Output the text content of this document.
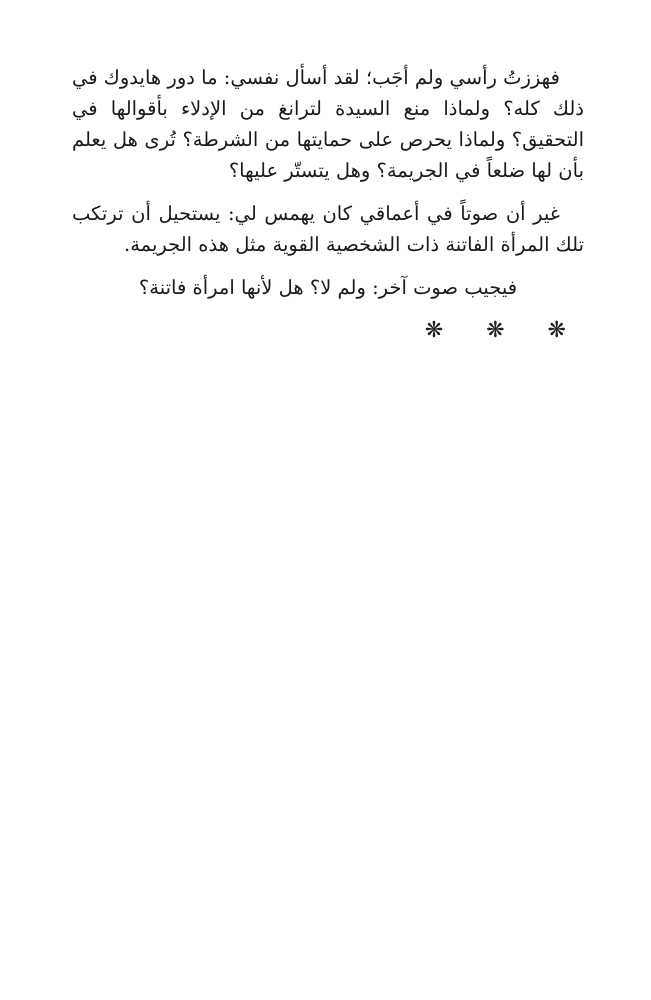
فهززتُ رأسي ولم أجَب؛ لقد أسأل نفسي: ما دور هايدوك في ذلك كله؟ ولماذا منع السيدة لترانغ من الإدلاء بأقوالها في التحقيق؟ ولماذا يحرص على حمايتها من الشرطة؟ تُرى هل يعلم بأن لها ضلعاً في الجريمة؟ وهل يتستّر عليها؟

غير أن صوتاً في أعماقي كان يهمس لي: يستحيل أن ترتكب تلك المرأة الفاتنة ذات الشخصية القوية مثل هذه الجريمة.

فيجيب صوت آخر: ولم لا؟ هل لأنها امرأة فاتنة؟

❋ ❋ ❋
